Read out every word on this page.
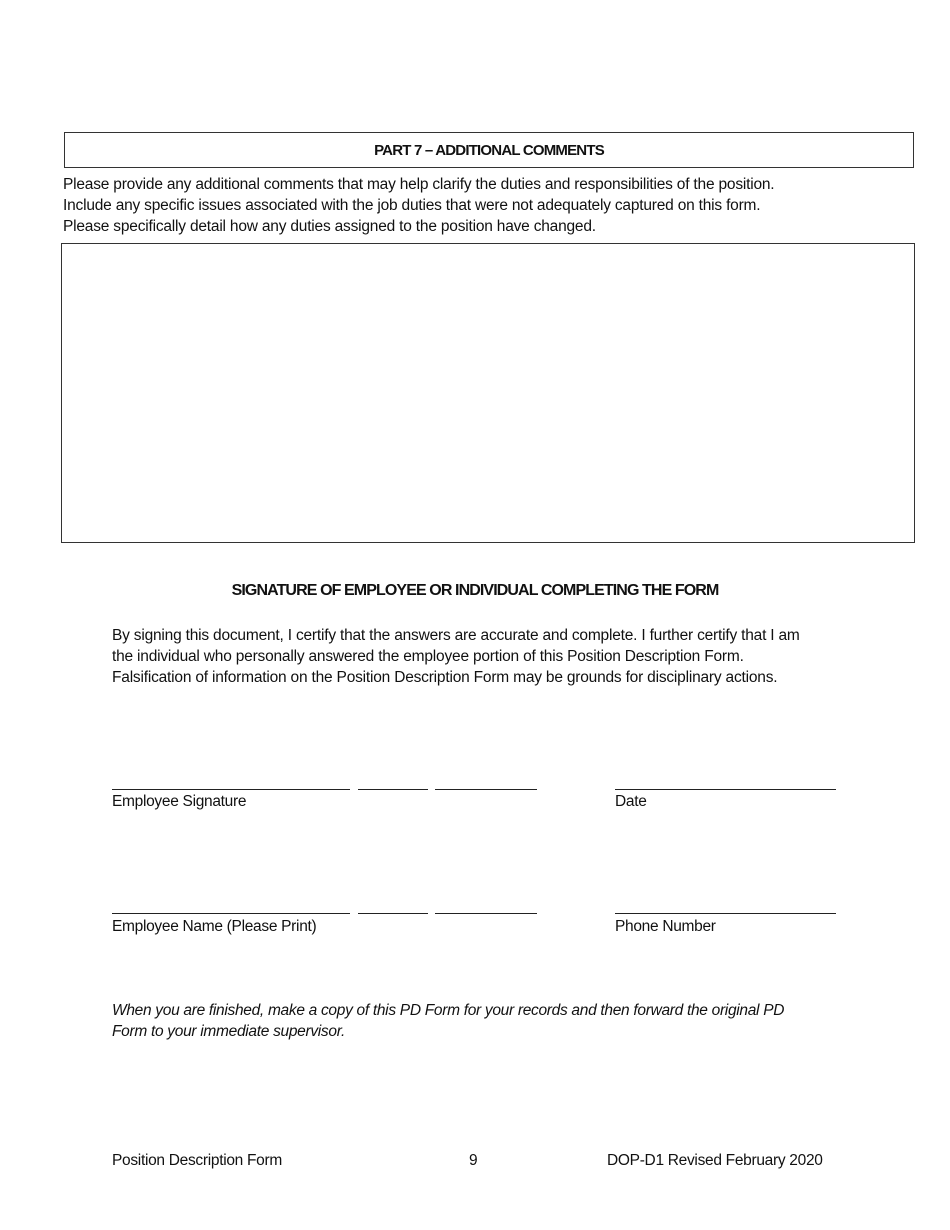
PART 7 – ADDITIONAL COMMENTS
Please provide any additional comments that may help clarify the duties and responsibilities of the position.
Include any specific issues associated with the job duties that were not adequately captured on this form.
Please specifically detail how any duties assigned to the position have changed.
SIGNATURE OF EMPLOYEE OR INDIVIDUAL COMPLETING THE FORM
By signing this document, I certify that the answers are accurate and complete. I further certify that I am
the individual who personally answered the employee portion of this Position Description Form.
Falsification of information on the Position Description Form may be grounds for disciplinary actions.
Employee Signature	Date
Employee Name (Please Print)	Phone Number
When you are finished, make a copy of this PD Form for your records and then forward the original PD
Form to your immediate supervisor.
Position Description Form	9	DOP-D1 Revised February 2020
